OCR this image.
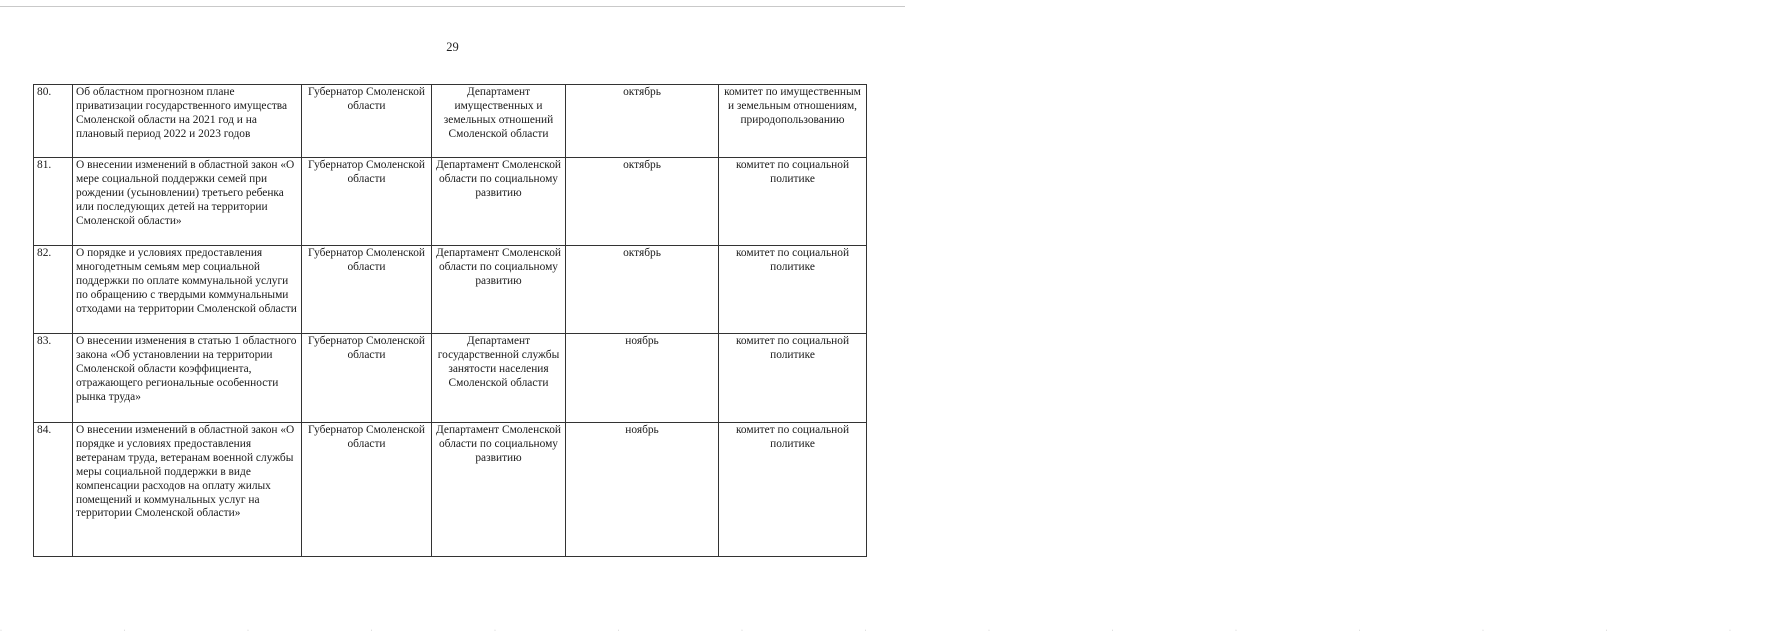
29
80.	Об областном прогнозном плане приватизации государственного имущества Смоленской области на 2021 год и на плановый период 2022 и 2023 годов	Губернатор Смоленской области	Департамент имущественных и земельных отношений Смоленской области	октябрь	комитет по имущественным и земельным отношениям, природопользованию
81.	О внесении изменений в областной закон «О мере социальной поддержки семей при рождении (усыновлении) третьего ребенка или последующих детей на территории Смоленской области»	Губернатор Смоленской области	Департамент Смоленской области по социальному развитию	октябрь	комитет по социальной политике
82.	О порядке и условиях предоставления многодетным семьям мер социальной поддержки по оплате коммунальной услуги по обращению с твердыми коммунальными отходами на территории Смоленской области	Губернатор Смоленской области	Департамент Смоленской области по социальному развитию	октябрь	комитет по социальной политике
83.	О внесении изменения в статью 1 областного закона «Об установлении на территории Смоленской области коэффициента, отражающего региональные особенности рынка труда»	Губернатор Смоленской области	Департамент государственной службы занятости населения Смоленской области	ноябрь	комитет по социальной политике
84.	О внесении изменений в областной закон «О порядке и условиях предоставления ветеранам труда, ветеранам военной службы меры социальной поддержки в виде компенсации расходов на оплату жилых помещений и коммунальных услуг на территории Смоленской области»	Губернатор Смоленской области	Департамент Смоленской области по социальному развитию	ноябрь	комитет по социальной политике
· · · · · · · · · · · · · · ·
